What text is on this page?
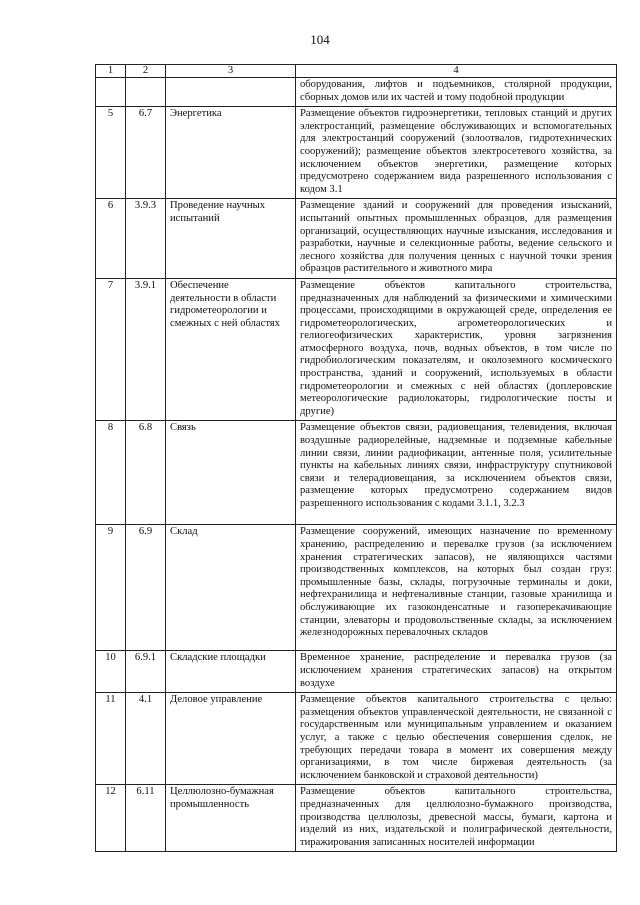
104
1	2	3	4
			оборудования, лифтов и подъемников, столярной продукции, сборных домов или их частей и тому подобной продукции
5	6.7	Энергетика	Размещение объектов гидроэнергетики, тепловых станций и других электростанций, размещение обслуживающих и вспомогательных для электростанций сооружений (золоотвалов, гидротехнических сооружений); размещение объектов электросетевого хозяйства, за исключением объектов энергетики, размещение которых предусмотрено содержанием вида разрешенного использования с кодом 3.1
6	3.9.3	Проведение научных испытаний	Размещение зданий и сооружений для проведения изысканий, испытаний опытных промышленных образцов, для размещения организаций, осуществляющих научные изыскания, исследования и разработки, научные и селекционные работы, ведение сельского и лесного хозяйства для получения ценных с научной точки зрения образцов растительного и животного мира
7	3.9.1	Обеспечение деятельности в области гидрометеорологии и смежных с ней областях	Размещение объектов капитального строительства, предназначенных для наблюдений за физическими и химическими процессами, происходящими в окружающей среде, определения ее гидрометеорологических, агрометеорологических и гелиогеофизических характеристик, уровня загрязнения атмосферного воздуха, почв, водных объектов, в том числе по гидробиологическим показателям, и околоземного космического пространства, зданий и сооружений, используемых в области гидрометеорологии и смежных с ней областях (доплеровские метеорологические радиолокаторы, гидрологические посты и другие)
8	6.8	Связь	Размещение объектов связи, радиовещания, телевидения, включая воздушные радиорелейные, надземные и подземные кабельные линии связи, линии радиофикации, антенные поля, усилительные пункты на кабельных линиях связи, инфраструктуру спутниковой связи и телерадиовещания, за исключением объектов связи, размещение которых предусмотрено содержанием видов разрешенного использования с кодами 3.1.1, 3.2.3
9	6.9	Склад	Размещение сооружений, имеющих назначение по временному хранению, распределению и перевалке грузов (за исключением хранения стратегических запасов), не являющихся частями производственных комплексов, на которых был создан груз: промышленные базы, склады, погрузочные терминалы и доки, нефтехранилища и нефтеналивные станции, газовые хранилища и обслуживающие их газоконденсатные и газоперекачивающие станции, элеваторы и продовольственные склады, за исключением железнодорожных перевалочных складов
10	6.9.1	Складские площадки	Временное хранение, распределение и перевалка грузов (за исключением хранения стратегических запасов) на открытом воздухе
11	4.1	Деловое управление	Размещение объектов капитального строительства с целью: размещения объектов управленческой деятельности, не связанной с государственным или муниципальным управлением и оказанием услуг, а также с целью обеспечения совершения сделок, не требующих передачи товара в момент их совершения между организациями, в том числе биржевая деятельность (за исключением банковской и страховой деятельности)
12	6.11	Целлюлозно-бумажная промышленность	Размещение объектов капитального строительства, предназначенных для целлюлозно-бумажного производства, производства целлюлозы, древесной массы, бумаги, картона и изделий из них, издательской и полиграфической деятельности, тиражирования записанных носителей информации
